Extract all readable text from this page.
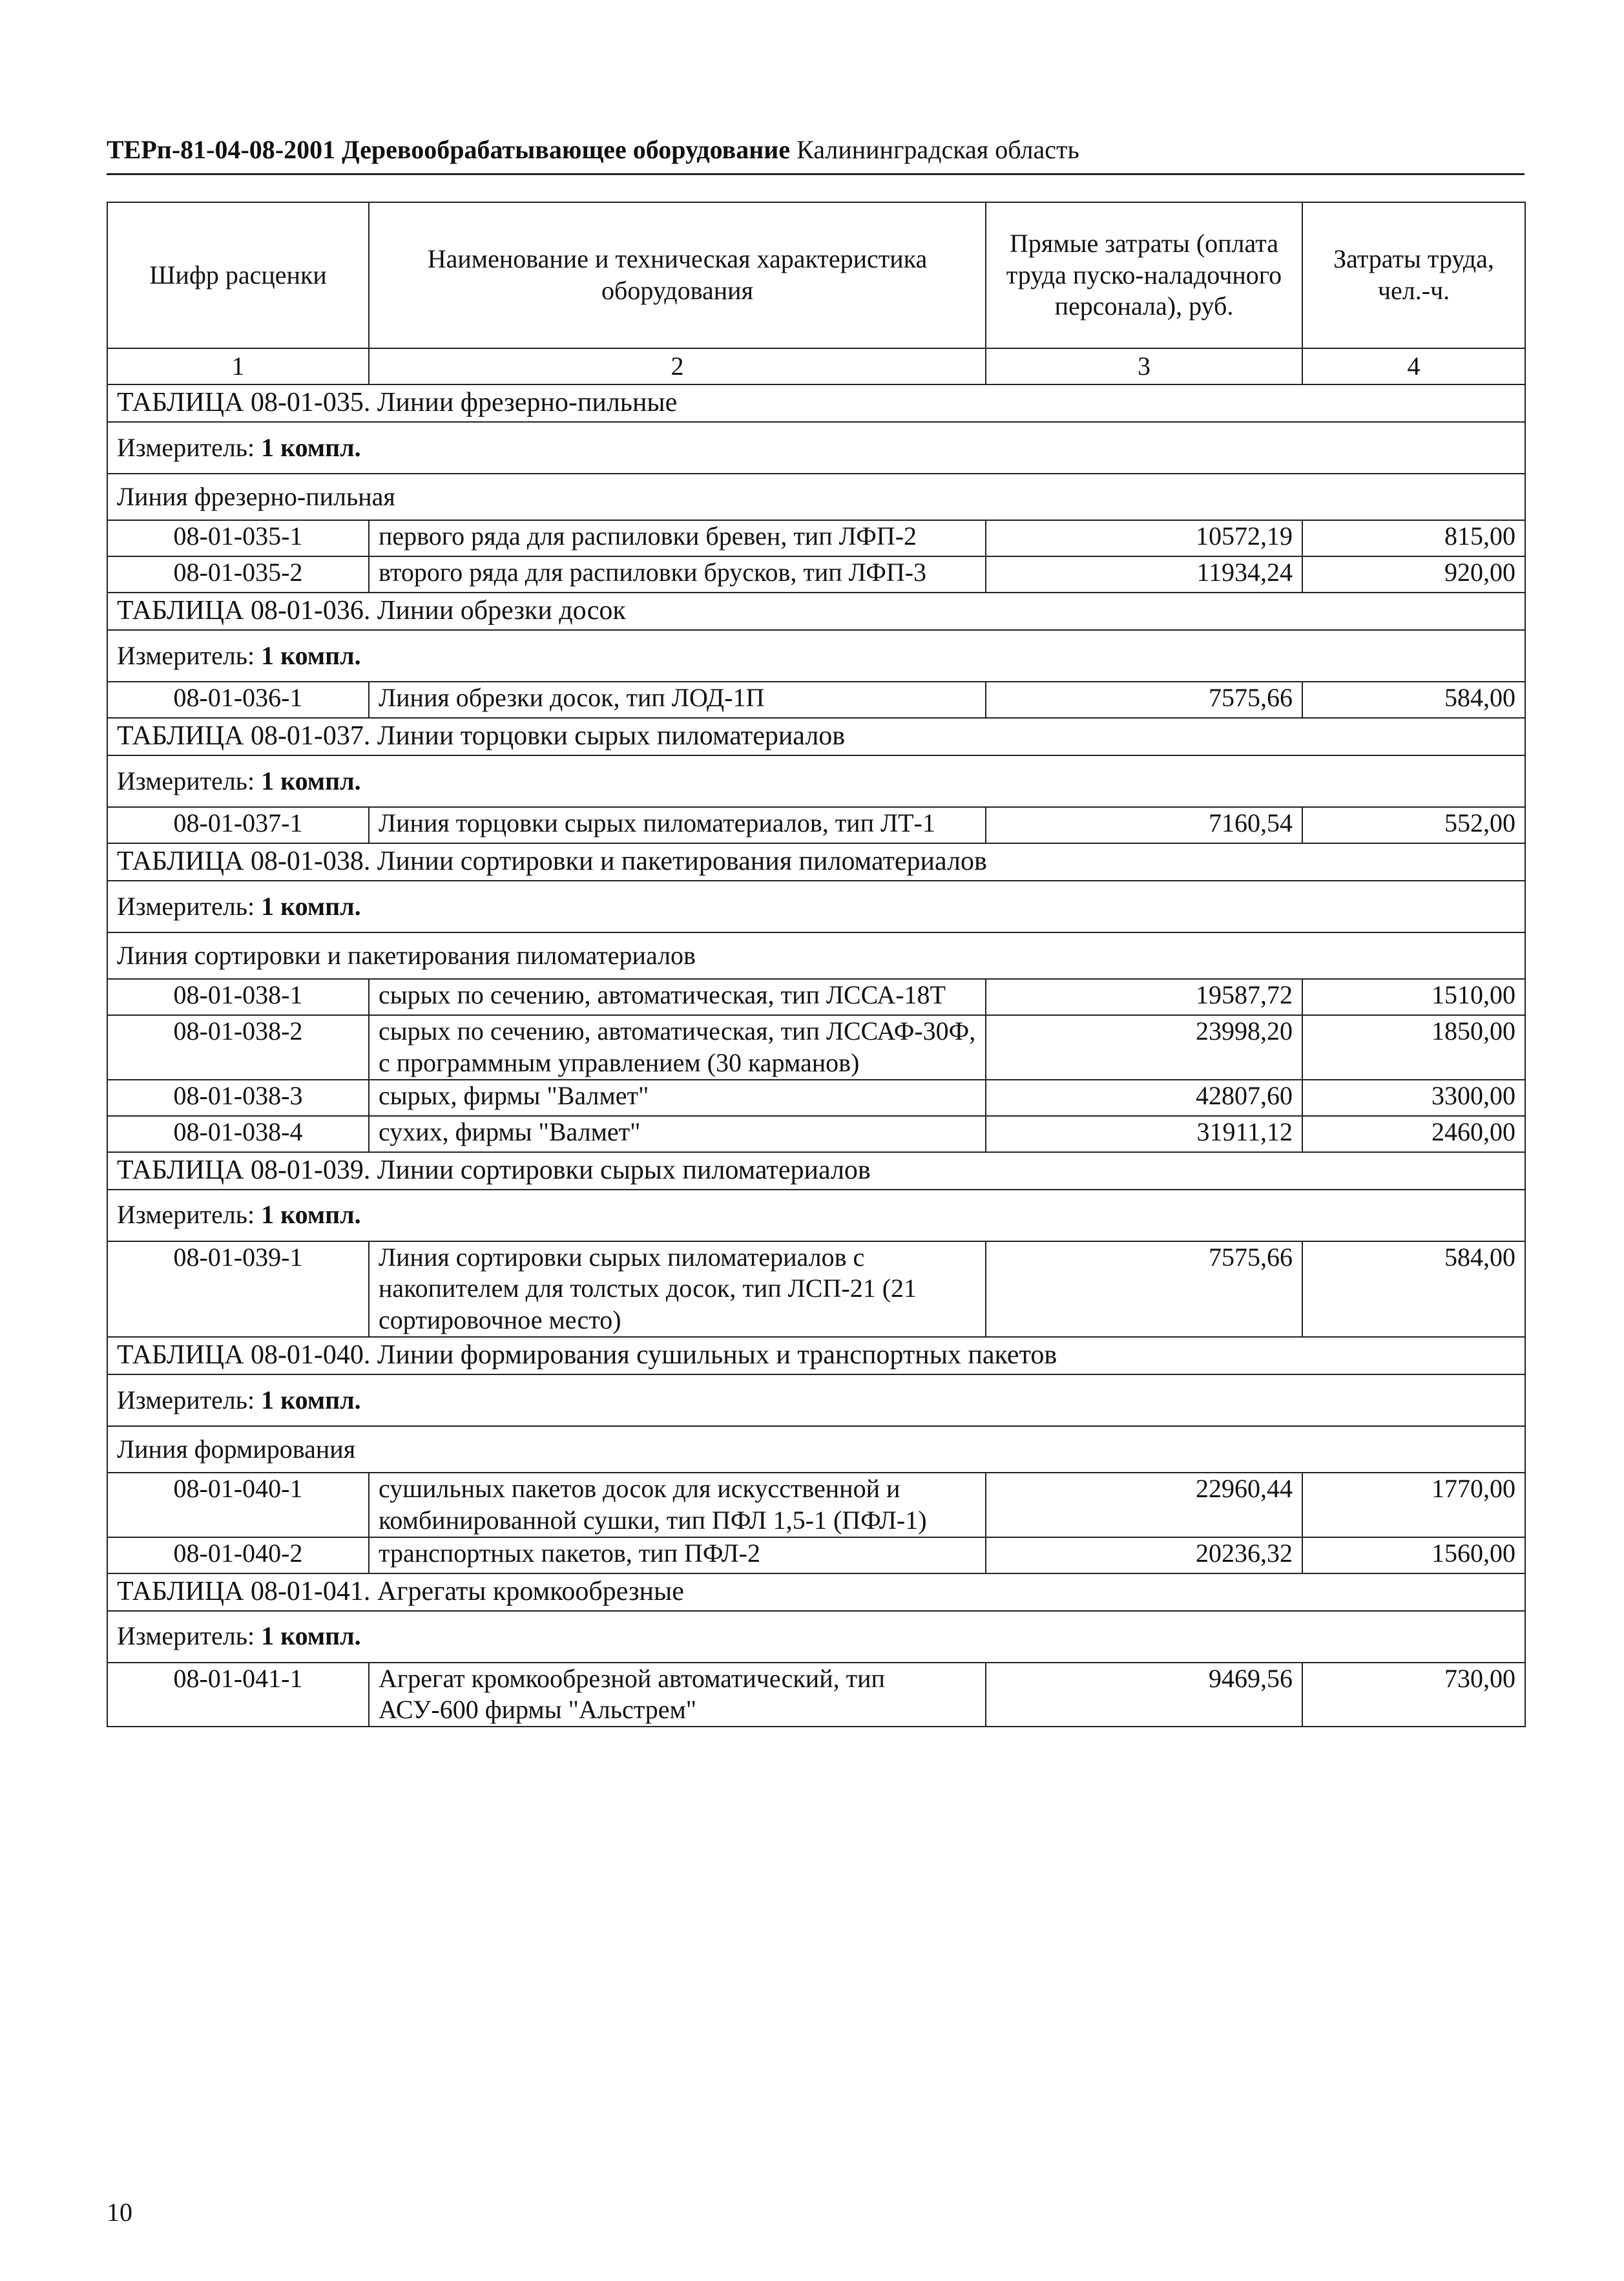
ТЕРп-81-04-08-2001 Деревообрабатывающее оборудование Калининградская область
Шифр расценки	Наименование и техническая характеристика оборудования	Прямые затраты (оплата труда пуско-наладочного персонала), руб.	Затраты труда, чел.-ч.
1	2	3	4
ТАБЛИЦА 08-01-035. Линии фрезерно-пильные			
Измеритель: 1 компл.			
Линия фрезерно-пильная			
08-01-035-1	первого ряда для распиловки бревен, тип ЛФП-2	10572,19	815,00
08-01-035-2	второго ряда для распиловки брусков, тип ЛФП-3	11934,24	920,00
ТАБЛИЦА 08-01-036. Линии обрезки досок			
Измеритель: 1 компл.			
08-01-036-1	Линия обрезки досок, тип ЛОД-1П	7575,66	584,00
ТАБЛИЦА 08-01-037. Линии торцовки сырых пиломатериалов			
Измеритель: 1 компл.			
08-01-037-1	Линия торцовки сырых пиломатериалов, тип ЛТ-1	7160,54	552,00
ТАБЛИЦА 08-01-038. Линии сортировки и пакетирования пиломатериалов			
Измеритель: 1 компл.			
Линия сортировки и пакетирования пиломатериалов			
08-01-038-1	сырых по сечению, автоматическая, тип ЛССА-18Т	19587,72	1510,00
08-01-038-2	сырых по сечению, автоматическая, тип ЛССАФ-30Ф, с программным управлением (30 карманов)	23998,20	1850,00
08-01-038-3	сырых, фирмы "Валмет"	42807,60	3300,00
08-01-038-4	сухих, фирмы "Валмет"	31911,12	2460,00
ТАБЛИЦА 08-01-039. Линии сортировки сырых пиломатериалов			
Измеритель: 1 компл.			
08-01-039-1	Линия сортировки сырых пиломатериалов с накопителем для толстых досок, тип ЛСП-21 (21 сортировочное место)	7575,66	584,00
ТАБЛИЦА 08-01-040. Линии формирования сушильных и транспортных пакетов			
Измеритель: 1 компл.			
Линия формирования			
08-01-040-1	сушильных пакетов досок для искусственной и комбинированной сушки, тип ПФЛ 1,5-1 (ПФЛ-1)	22960,44	1770,00
08-01-040-2	транспортных пакетов, тип ПФЛ-2	20236,32	1560,00
ТАБЛИЦА 08-01-041. Агрегаты кромкообрезные			
Измеритель: 1 компл.			
08-01-041-1	Агрегат кромкообрезной автоматический, тип АСУ-600 фирмы "Альстрем"	9469,56	730,00
10
